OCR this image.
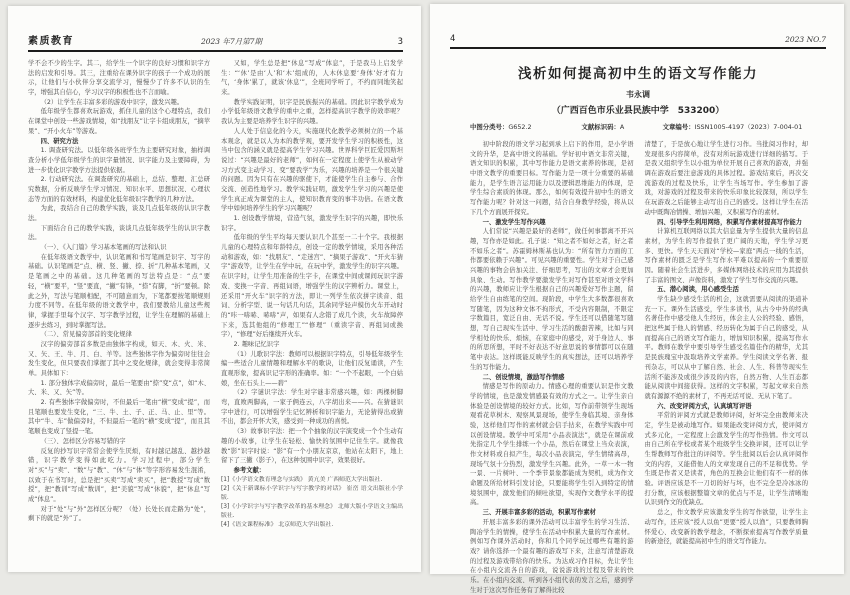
素质教育	2023 年7月第7期	3

学不会不少的生字。其二，给学生一个识字的良好习惯和识字方法的启发和引导。其三，注重给在课外识字的孩子一个成功的展示，让他们与小伙伴分享交流学习，慢慢少了许多不认识的生字，增强其自信心，学习汉字的积极性也不言而喻。

（2）让学生在丰富多彩的游戏中识字，激发兴趣。

低年级学生都喜欢玩游戏，抓住儿童的这个心理特点，我们在课堂中创设一些游戏情境，如“找朋友”让字卡组成朋友，“摘苹果”、“开小火车”等游戏。

四、研究方法

1. 调查研究法。以低年级各班学生为主要研究对象，抽样调查分析小学低年级学生的识字量情况、识字能力及主要障碍，为进一步优化识字教学方法提供依据。

2. 行动研究法。在调查研究的基础上，总结、整理、汇总研究数据，分析反映学生学习情况、知识水平、思想状况、心理状态等方面的有效材料，构建优化低年级识字教学的几种方法。

为此，我结合自己的教学实践，谈及几点低年级的认识字教法。

下面结合自己的教学实践，谈谈几点低年级学生的认识字教法。

（一）、《入门篇》学习基本笔画的写法和认识

在低年级语文教学中，认识笔画和书写笔画是识字、写字的基础。认识笔画是“点、横、竖、撇、捺、折”几种基本笔画，又是笔画之中的基础。这几种笔画的写法特点是：“点”要轻，“横”要平，“竖”要直，“撇”有锋，“捺”有脚，“折”要顿。除此之外，写法与笔顺相配，不可随意而为，下笔都要按笔顺规则力度不同等。在低年级的语文教学中，我们要教给儿童这些规律，掌握手里每个汉字、写字教学过程，让学生在理解的基础上逐步去练习，到时掌握写法。

（二）、常见偏旁部首的变化规律

汉字的偏旁部首多数是由独体字构成，如天、木、火、米、又、矢、王、牛、月、白、羊等。这些独体字作为偏旁时往往会发生变化，但只要我们掌握了其中之变化规律，就会变得非常简单。具体如下：

1. 部分独体字成偏旁时，最后一笔要由“捺”变“点”，如“木、大、米、又、矢”等。

2. 有些独体字做偏旁时，不但最后一笔由“横”变成“提”，而且笔顺也要发生变化，“三、牛、土、子、正、马、止、里”等。其中“牛、车”做偏旁时，不但最后一笔的“横”变成“提”，而且其笔顺也变成了竖提一笔。

（三）、怎样区分容易写错的字

反复的抄写识字常常会使学生厌烦，有时越记越乱、越抄越错，识字教学变得如此吃力。学习过程中，部分学生对“买”与“卖”、“数”与“教”、“休”与“体”等字形容易发生混淆，以致于在书写时，总是把“买卖”写成“卖买”，把“教授”写成“数授”，把“教训”写成“数训”，把“美貌”写成“休貌”，把“休息”写成“体息”。

对于“处”与“外”怎样区分呢？（处）长处长而走路为“处”，剩下的就是“外”了。

又如，学生总是把“休息”写成“体息”，于是我马上启发学生：“‘休’是由‘人’和‘木’组成的，人木休息要‘身体’好才有力气，‘身体’累了，就该‘休息’”，全班同学听了，不约而同地笑起来。

教学实践证明，识字是民族振兴的基础。因此识字教学成为小学低年级语文教学的重中之重，怎样提高识字教学的效率呢？我认为主要是培养学生识字的兴趣。

人人处于信息化的今天，实施现代化教学必须树立的一个基本观念，就是以人为本的教学观，要开发学生学习的积极性，这当中包含的涵义就是提高学生学习兴趣。世界科学巨匠爱因斯坦说过：“兴趣是最好的老师”，如何在一定程度上使学生从被动学习方式变主动学习、变“要我学”为乐，兴趣的培养是一个很关键的问题。因为只有在兴趣的驱使下，才能使学生自主参与、合作交流、创造性地学习。教学实践证明，激发学生学习的兴趣是使学生真正成为课堂的主人，使知识教育变的事半功倍。在语文教学中如何培养学生的学习兴趣呢？

1. 创设教学情境，营造气氛，激发学生识字的兴趣，即快乐识字。

低年级的学生平均每天要认识几个甚至一二十个字。我根据儿童的心理特点和年龄特点，创设一定的教学情境，采用各种活动和游戏，如：“找朋友”、“走迷宫”、“摘果子游戏”、“开火车猜字”游戏等，让学生在学中玩，在玩中学，激发学生的识字兴趣。在识字时，让学生用准备的生字卡，在课堂中间或课间玩识字游戏、变换一字音、再组词语，增强学生的汉字辨析力。课堂上，还采用“开火车”识字的方法，即让一列学生依次拼字读音、组词、分析字型、说一句话几句话，其余同学轻声模仿火车开动时的“咔一哧哧、哧哧”声，如果有人念错了成几个读，火车故障停下来，选其他组的“修理工”“修理”（重读字音、再组词或换字），“修理”好后继续开火车。

2. 趣味记忆识字

（1）儿歌识字法：教师可以根据识字特点，引导低年级学生编一些适合儿童情趣和理解水平的歌诀，让他们反复诵读，产生直观形象，提高识记字形的准确率。如：“一个不起眼，一个白姑娘，坐在石头上——碧”

（2）字谜识字法：学生对字谜非常感兴趣，如：两棵树脚弯，直败两脚高，一家子俩连云，八字胡出来——兴。在猜谜识字中进行，可以增强学生记忆辨析和识字能力，无论猜得出或猜不出，都会开怀大笑，感受到一种成功的喜悦。

（3）故事识字法：把一个个抽象的汉字演变成一个个生动有趣的小故事，让学生在轻松、愉快的氛围中记住生字。就像我教“影”识字时说：“影”有一个小朋友京京，他站在太阳下，地上留下了三撇（影子），在这种氛围中识字，效果很好。

参考文献：

[1]《小学语文教育理念与实践》 黄亢美 广西师范大学出版社.

[2]《关于新课标小学识字与写字教学的对话》 崔峦 语文出版社小学版.

[3]《小学识字与写字教学改革的基本理念》 北师大版小学语文主编出版社.

[4]《语文课程标准》 北京师范大学出版社.

4	2023 NO.7
浅析如何提高初中生的语文写作能力
韦永调
（广西百色市乐业县民族中学　533200）
中图分类号：G652.2	文献标识码：A	文章编号：ISSN1005-4197（2023）7-004-01

初中阶段的语文学习起到承上启下的作用，是小学语文的升华，是高中语文的基础。学好初中语文非常关键，语文知识的积累，其中写作能力是语文素养的体现，是初中语文教学的重要目标。写作能力是一项十分重要的基础能力，是学生语言运用能力以及逻辑思维能力的体现，是学生综合素质的体现。那么，如何有效提升初中生的语文写作能力呢？针对这一问题，结合自身教学经验，将从以下几个方面展开探究。

一、激发学生写作兴趣

人们常说“兴趣是最好的老师”，做任何事都离不开兴趣，写作亦是如此。孔子说：“知之者不如好之者，好之者不如乐之者”。苏霍姆林斯基也认为：“所有智力方面的工作都要依赖于兴趣”。可见兴趣的重要性。学生对于自己感兴趣的事物会倍加关注、仔细思考，写出的文章才会更加具象、生动。写作教学要激发学生对写作甚至对语文学科的兴趣，教师应让学生根据自己的兴趣爱好写作主题，留给学生自由练笔的空间。现阶段，中学生大多数都很喜欢写随笔，因为这种文体不拘形式，不受内容限制，不限定字数篇目，宽泛自由、无话不说。学生还可以借随笔写随想，写自己现实生活中、学习生活的酸甜苦辣，比如与同学相处的快乐、烦恼，在家庭中的感受，对于身边人、事的所思所想，平时不好表达不好意思说的事情都可以在随笔中表达。这样既能反映学生的真实想法，还可以培养学生的写作能力。

二、创设情境，激励写作情感

情感是写作的原动力。情感心理的重要认识是作文教学的情境，也是激发情感最有效的方式之一。让学生亲自体验是创设情境的较好方式。比如，写作前带领学生现场观看花草树木、观察风景现场，使学生身临其境、亲身体验，这样他们写作的素材就会信手拈来，在教学实践中可以创设情境。教学中可采用“小品表演法”，就是在课前或先指定几个学生排练一个小品，然后在课堂上当众表演，作文材料或自拟产生，每次小品表演完，学生情绪高昂，现场气氛十分热烈，激发学生兴趣。此外，一草一木一物一景、一片树叶、一个季节景象都能成为契机，成为作文命题及所给材料引发讨论，只要能将学生引入到特定的情境氛围中，激发他们的倾吐欲望，实现作文教学水平的提高。

三、开展丰富多彩的活动，积累写作素材

开展丰富多彩的课外活动可以丰富学生的学习生活、陶冶学生的情操，使学生在活动中积累大量的写作素材。例如写作课外活动时，你和几个同学玩过哪些有趣的游戏？请你选择一个最有趣的游戏写下来，注意写清楚游戏的过程及游戏带给你的快乐。为达成习作目标，先让学生在小组内交流各自的游戏，说说游戏的过程及带来的快乐。在小组内交流、听到各小组代表的发言之后，感到学生对于这次写作任务有了解得比较

清楚了，于是放心地让学生进行习作。当批阅习作时，却发现很多内容简单，没有对所玩游戏进行详细的描写。于是我又组织学生以小组为单位开展自己喜欢的游戏，并强调在游戏后要注意游戏的具体过程。游戏结束后，再次交流游戏的过程及快乐，让学生当场写作。学生参加了游戏，对游戏的过程及带来的快乐印象比较深刻，所以学生在玩游戏之后能够主动写出自己的感受。这样让学生在活动中既陶冶情操、增加兴趣，又积累写作的素材。

四、引导学生利用网络，积累写作素材提高写作能力

计算机互联网络以其大信息量为学生提供大量的信息素材，为学生的写作提供了更广阔的天地，学生学习更多、更快。学生天天面对“学校—家庭”两点一线的生活，写作素材的匮乏是学生写作水平难以提高的一个重要原因。随着社会生活进步，多媒体网络技术的应用为其提供了丰富的图文、声像资料，激发了学生写作交流的兴趣。

五、潜心阅读，用心感受生活

学生缺少感受生活的机会，这就需要从阅读的渠道补充一下。课外生活感受，学生多读书，从古今中外的经典名著佳作中感受他人生经历，体会主人公的经验、感悟，把这些属于他人的情感、经历转化为属于自己的感受，从而提高自己的语文写作能力，增加知识积累，提高写作水平。教师在教学中要引导学生感受名篇佳作的精华，尤其是民族瑰宝中汲取培养文学素养。学生阅读文学名著、报刊杂志，可以从中了解自然、社会、人生、科普等现实生活所不能涉及或很少涉及的内容，自然万物、人生百态都能从阅读中间接获得。这样的文字积累，写起文章来自然就有源源不绝的素材了，不再无话可说、无从下笔了。

六、改变评阅方式，认真填写评语

平常的评阅方式就是教师评阅，好坏完全由教师来决定，学生是被动地写作。如果能改变评阅方式，使评阅方式多元化，一定程度上会激发学生的写作热情。作文可以由自己所在学校或者某个班级学生交换评阅，还可以让学生帮教师写作批注的评阅等。学生批阅以后会认真评阅作文的内容，又能借他人的文章发现自己的不足和优势。学生既是作者又是读者，角色的互换会让他们有不一样的体验。评语应该是不一刀切的好与坏，也不完全是冷冰冰的打分数，应该根据整篇文章的优点与不足，让学生清晰地认识到作文的优缺点。

总之，作文教学应该激发学生的写作欲望，让学生主动写作，还应该“授人以鱼”更要“授人以渔”，只要教师胸怀爱心、改变新的教学理念，不断探索提高写作教学质量的新途径，就能提高初中生的语文写作能力。
